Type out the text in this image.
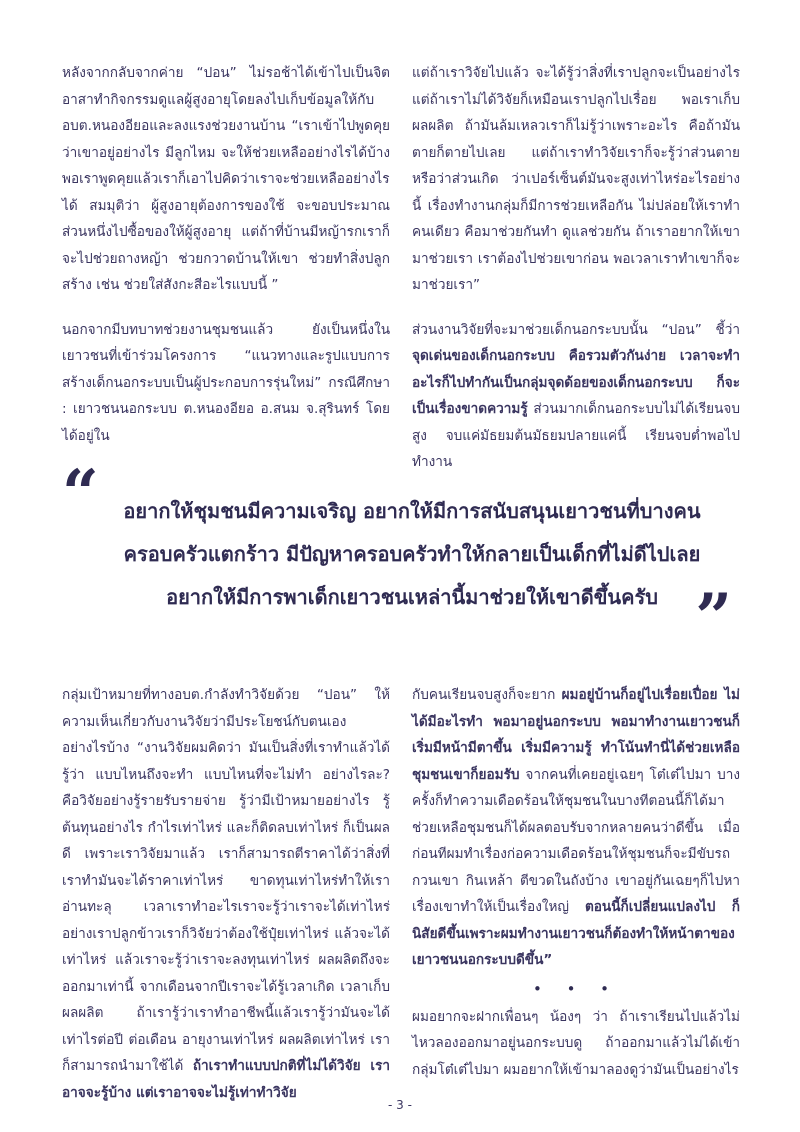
หลังจากกลับจากค่าย “ปอน” ไม่รอช้าได้เข้าไปเป็นจิตอาสาทำกิจกรรมดูแลผู้สูงอายุโดยลงไปเก็บข้อมูลให้กับอบต.หนองอียอและลงแรงช่วยงานบ้าน “เราเข้าไปพูดคุยว่าเขาอยู่อย่างไร มีลูกไหม จะให้ช่วยเหลืออย่างไรได้บ้าง พอเราพูดคุยแล้วเราก็เอาไปคิดว่าเราจะช่วยเหลืออย่างไรได้ สมมุติว่า ผู้สูงอายุต้องการของใช้ จะขอบประมาณส่วนหนึ่งไปซื้อของให้ผู้สูงอายุ แต่ถ้าที่บ้านมีหญ้ารกเราก็จะไปช่วยถางหญ้า ช่วยกวาดบ้านให้เขา ช่วยทำสิ่งปลูกสร้าง เช่น ช่วยใส่สังกะสีอะไรแบบนี้ ”

นอกจากมีบทบาทช่วยงานชุมชนแล้ว ยังเป็นหนึ่งในเยาวชนที่เข้าร่วมโครงการ “แนวทางและรูปแบบการสร้างเด็กนอกระบบเป็นผู้ประกอบการรุ่นใหม่” กรณีศึกษา : เยาวชนนอกระบบ ต.หนองอียอ อ.สนม จ.สุรินทร์ โดยได้อยู่ใน

แต่ถ้าเราวิจัยไปแล้ว จะได้รู้ว่าสิ่งที่เราปลูกจะเป็นอย่างไร แต่ถ้าเราไม่ได้วิจัยก็เหมือนเราปลูกไปเรื่อย พอเราเก็บผลผลิต ถ้ามันล้มเหลวเราก็ไม่รู้ว่าเพราะอะไร คือถ้ามันตายก็ตายไปเลย แต่ถ้าเราทำวิจัยเราก็จะรู้ว่าส่วนตายหรือว่าส่วนเกิด ว่าเปอร์เซ็นต์มันจะสูงเท่าไหร่อะไรอย่างนี้ เรื่องทำงานกลุ่มก็มีการช่วยเหลือกัน ไม่ปล่อยให้เราทำคนเดียว คือมาช่วยกันทำ ดูแลช่วยกัน ถ้าเราอยากให้เขามาช่วยเรา เราต้องไปช่วยเขาก่อน พอเวลาเราทำเขาก็จะมาช่วยเรา”

ส่วนงานวิจัยที่จะมาช่วยเด็กนอกระบบนั้น “ปอน” ชี้ว่า จุดเด่นของเด็กนอกระบบ คือรวมตัวกันง่าย เวลาจะทำอะไรก็ไปทำกันเป็นกลุ่มจุดด้อยของเด็กนอกระบบ ก็จะเป็นเรื่องขาดความรู้ ส่วนมากเด็กนอกระบบไม่ได้เรียนจบสูง จบแค่มัธยมต้นมัธยมปลายแค่นี้ เรียนจบต่ำพอไปทำงาน

“	อยากให้ชุมชนมีความเจริญ อยากให้มีการสนับสนุนเยาวชนที่บางคน
ครอบครัวแตกร้าว มีปัญหาครอบครัวทำให้กลายเป็นเด็กที่ไม่ดีไปเลย
อยากให้มีการพาเด็กเยาวชนเหล่านี้มาช่วยให้เขาดีขึ้นครับ ”

กลุ่มเป้าหมายที่ทางอบต.กำลังทำวิจัยด้วย “ปอน” ให้ความเห็นเกี่ยวกับงานวิจัยว่ามีประโยชน์กับตนเองอย่างไรบ้าง “งานวิจัยผมคิดว่า มันเป็นสิ่งที่เราทำแล้วได้รู้ว่า แบบไหนถึงจะทำ แบบไหนที่จะไม่ทำ อย่างไรละ? คือวิจัยอย่างรู้รายรับรายจ่าย รู้ว่ามีเป้าหมายอย่างไร รู้ต้นทุนอย่างไร กำไรเท่าไหร่ และก็ติดลบเท่าไหร่ ก็เป็นผลดี เพราะเราวิจัยมาแล้ว เราก็สามารถตีราคาได้ว่าสิ่งที่เราทำมันจะได้ราคาเท่าไหร่ ขาดทุนเท่าไหร่ทำให้เราอ่านทะลุ เวลาเราทำอะไรเราจะรู้ว่าเราจะได้เท่าไหร่ อย่างเราปลูกข้าวเราก็วิจัยว่าต้องใช้ปุ๋ยเท่าไหร่ แล้วจะได้เท่าไหร่ แล้วเราจะรู้ว่าเราจะลงทุนเท่าไหร่ ผลผลิตถึงจะออกมาเท่านี้ จากเดือนจากปีเราจะได้รู้เวลาเกิด เวลาเก็บผลผลิต ถ้าเรารู้ว่าเราทำอาชีพนี้แล้วเรารู้ว่ามันจะได้เท่าไรต่อปี ต่อเดือน อายุงานเท่าไหร่ ผลผลิตเท่าไหร่ เราก็สามารถนำมาใช้ได้ ถ้าเราทำแบบปกติที่ไม่ได้วิจัย เราอาจจะรู้บ้าง แต่เราอาจจะไม่รู้เท่าทำวิจัย

กับคนเรียนจบสูงก็จะยาก ผมอยู่บ้านก็อยู่ไปเรื่อยเปื่อย ไม่ได้มีอะไรทำ พอมาอยู่นอกระบบ พอมาทำงานเยาวชนก็เริ่มมีหน้ามีตาขึ้น เริ่มมีความรู้ ทำโน้นทำนี่ได้ช่วยเหลือชุมชนเขาก็ยอมรับ จากคนที่เคยอยู่เฉยๆ โต๋เต๋ไปมา บางครั้งก็ทำความเดือดร้อนให้ชุมชนในบางทีตอนนี้ก็ได้มาช่วยเหลือชุมชนก็ได้ผลตอบรับจากหลายคนว่าดีขึ้น เมื่อก่อนทีผมทำเรื่องก่อความเดือดร้อนให้ชุมชนก็จะมีขับรถกวนเขา กินเหล้า ตีขวดในถังบ้าง เขาอยู่กันเฉยๆก็ไปหาเรื่องเขาทำให้เป็นเรื่องใหญ่ ตอนนี้ก็เปลี่ยนแปลงไป ก็นิสัยดีขึ้นเพราะผมทำงานเยาวชนก็ต้องทำให้หน้าตาของเยาวชนนอกระบบดีขึ้น”

• • •

ผมอยากจะฝากเพื่อนๆ น้องๆ ว่า ถ้าเราเรียนไปแล้วไม่ไหวลองออกมาอยู่นอกระบบดู ถ้าออกมาแล้วไม่ได้เข้ากลุ่มโต๋เต๋ไปมา ผมอยากให้เข้ามาลองดูว่ามันเป็นอย่างไร

- 3 -
